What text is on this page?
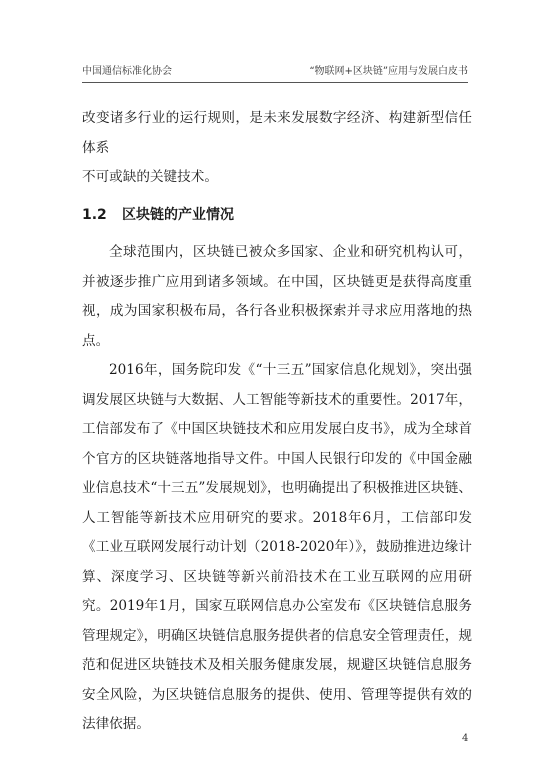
中国通信标准化协会	“物联网+区块链”应用与发展白皮书

改变诸多行业的运行规则，是未来发展数字经济、构建新型信任体系

不可或缺的关键技术。

1.2 区块链的产业情况

全球范围内，区块链已被众多国家、企业和研究机构认可，并被逐步推广应用到诸多领域。在中国，区块链更是获得高度重视，成为国家积极布局，各行各业积极探索并寻求应用落地的热点。

2016年，国务院印发《“十三五”国家信息化规划》，突出强调发展区块链与大数据、人工智能等新技术的重要性。2017年，工信部发布了《中国区块链技术和应用发展白皮书》，成为全球首个官方的区块链落地指导文件。中国人民银行印发的《中国金融业信息技术“十三五”发展规划》，也明确提出了积极推进区块链、人工智能等新技术应用研究的要求。2018年6月，工信部印发《工业互联网发展行动计划（2018-2020年）》，鼓励推进边缘计算、深度学习、区块链等新兴前沿技术在工业互联网的应用研究。2019年1月，国家互联网信息办公室发布《区块链信息服务管理规定》，明确区块链信息服务提供者的信息安全管理责任，规范和促进区块链技术及相关服务健康发展，规避区块链信息服务安全风险，为区块链信息服务的提供、使用、管理等提供有效的法律依据。

4
